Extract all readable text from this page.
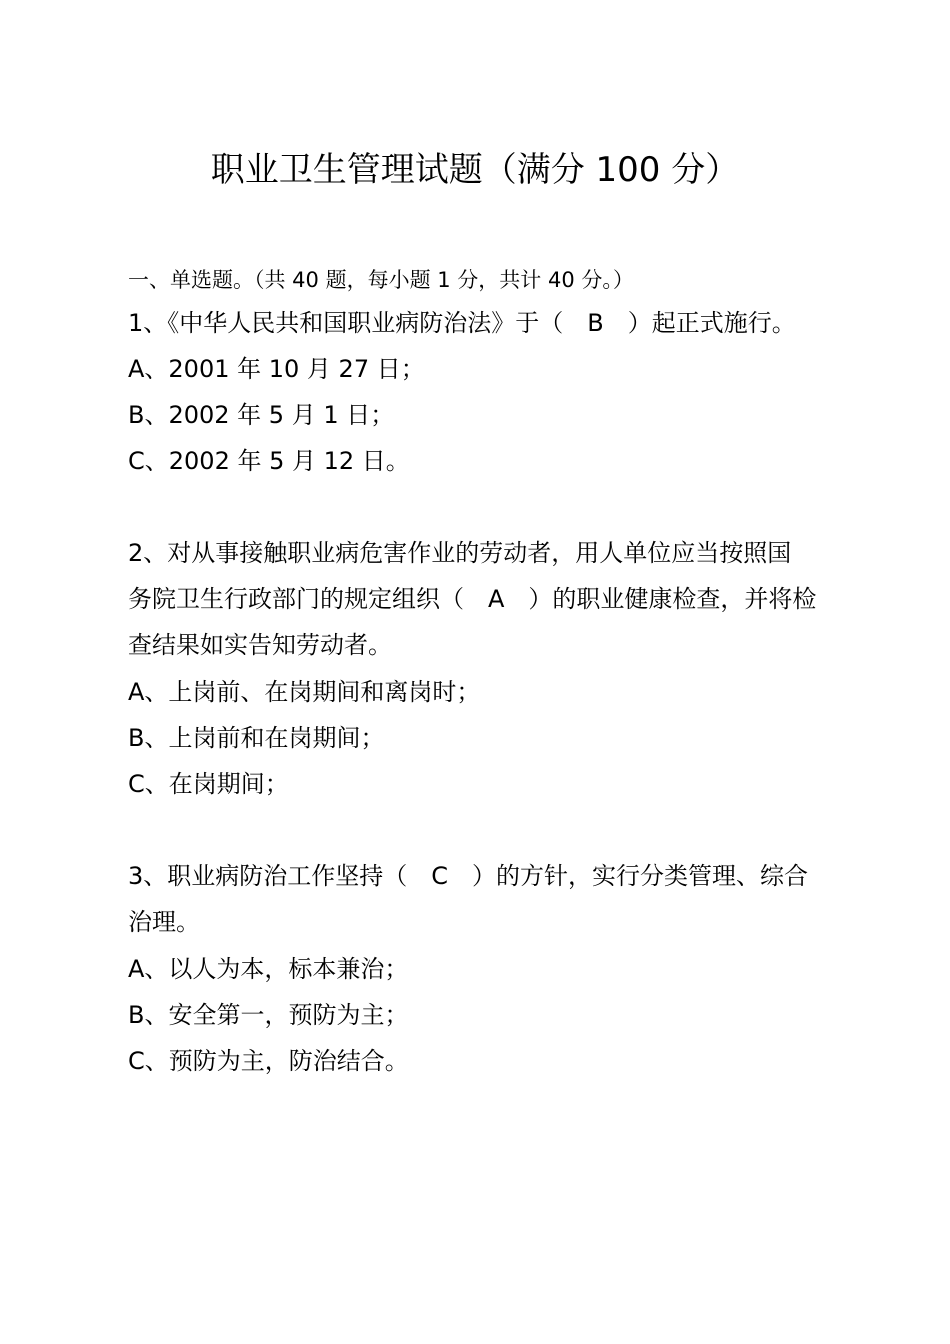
职业卫生管理试题（满分 100 分）
一、单选题。（共 40 题，每小题 1 分，共计 40 分。）
1、《中华人民共和国职业病防治法》于（　B　）起正式施行。
A、2001 年 10 月 27 日；
B、2002 年 5 月 1 日；
C、2002 年 5 月 12 日。
2、对从事接触职业病危害作业的劳动者，用人单位应当按照国
务院卫生行政部门的规定组织（　A　）的职业健康检查，并将检
查结果如实告知劳动者。
A、上岗前、在岗期间和离岗时；
B、上岗前和在岗期间；
C、在岗期间；
3、职业病防治工作坚持（　C　）的方针，实行分类管理、综合
治理。
A、以人为本，标本兼治；
B、安全第一，预防为主；
C、预防为主，防治结合。
